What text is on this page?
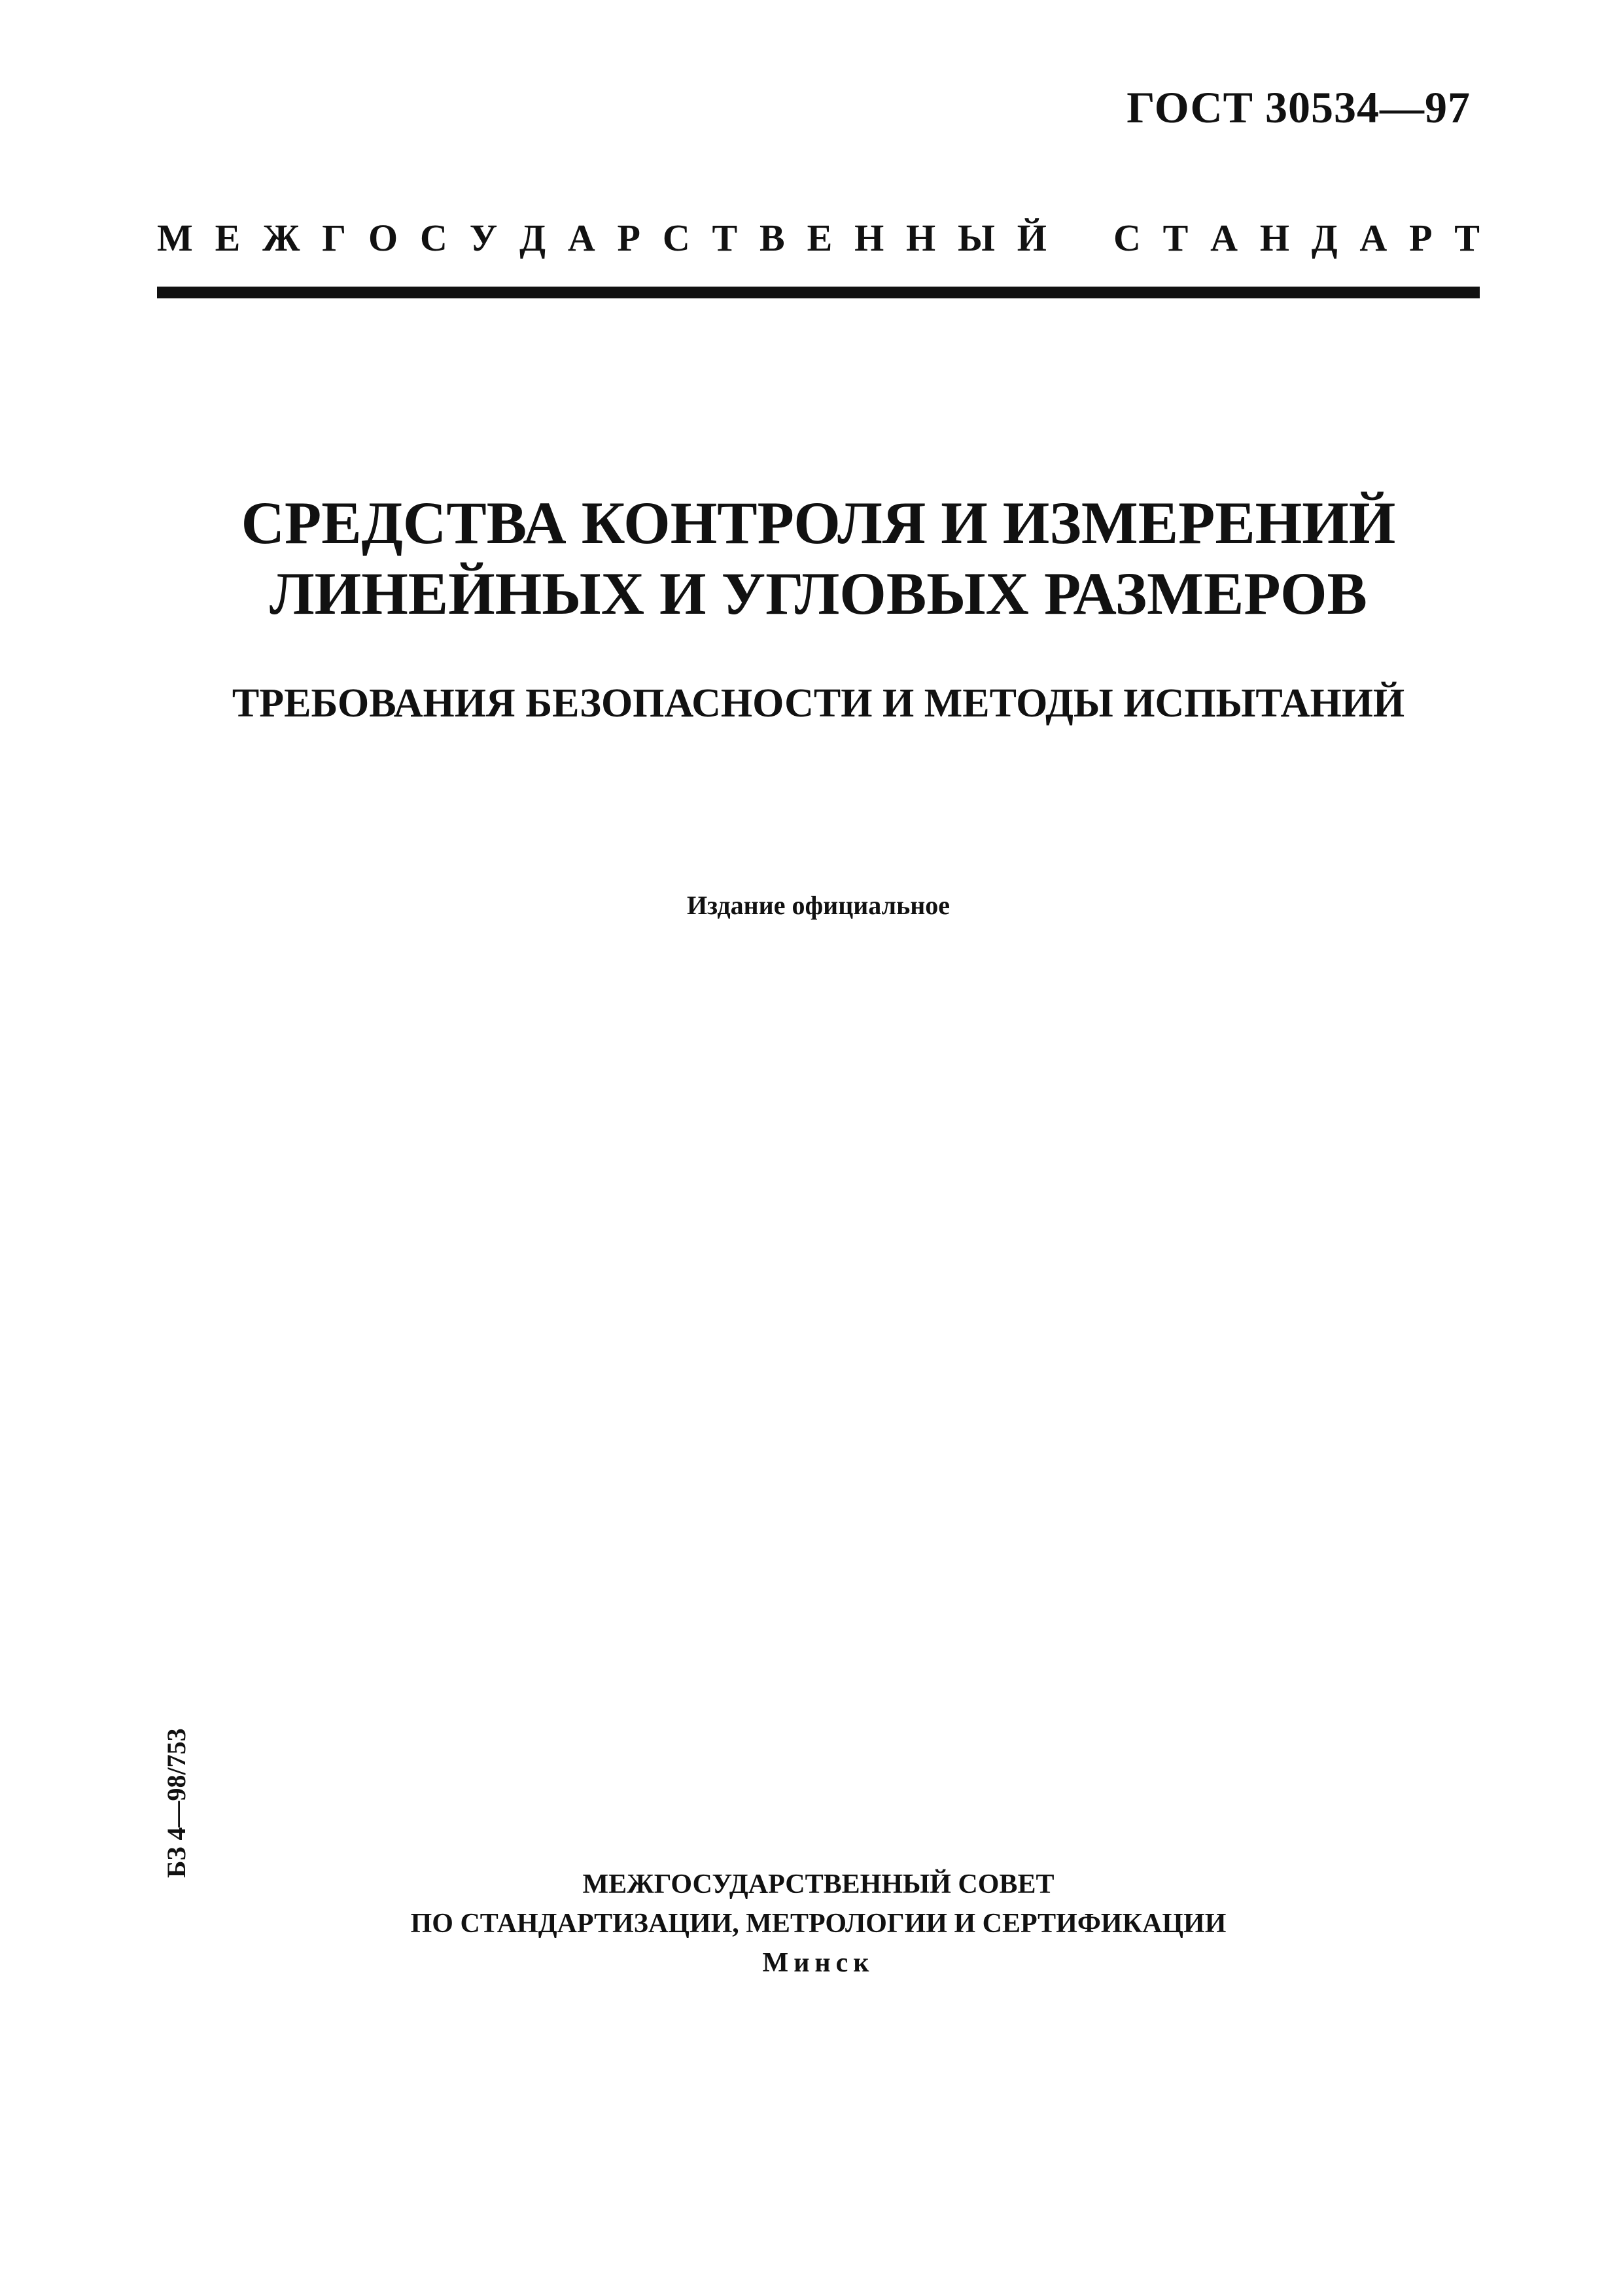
ГОСТ 30534—97
М Е Ж Г О С У Д А Р С Т В Е Н Н Ы Й С Т А Н Д А Р Т
СРЕДСТВА КОНТРОЛЯ И ИЗМЕРЕНИЙ
ЛИНЕЙНЫХ И УГЛОВЫХ РАЗМЕРОВ
ТРЕБОВАНИЯ БЕЗОПАСНОСТИ И МЕТОДЫ ИСПЫТАНИЙ
Издание официальное
БЗ 4—98/753
МЕЖГОСУДАРСТВЕННЫЙ СОВЕТ
ПО СТАНДАРТИЗАЦИИ, МЕТРОЛОГИИ И СЕРТИФИКАЦИИ
Минск
